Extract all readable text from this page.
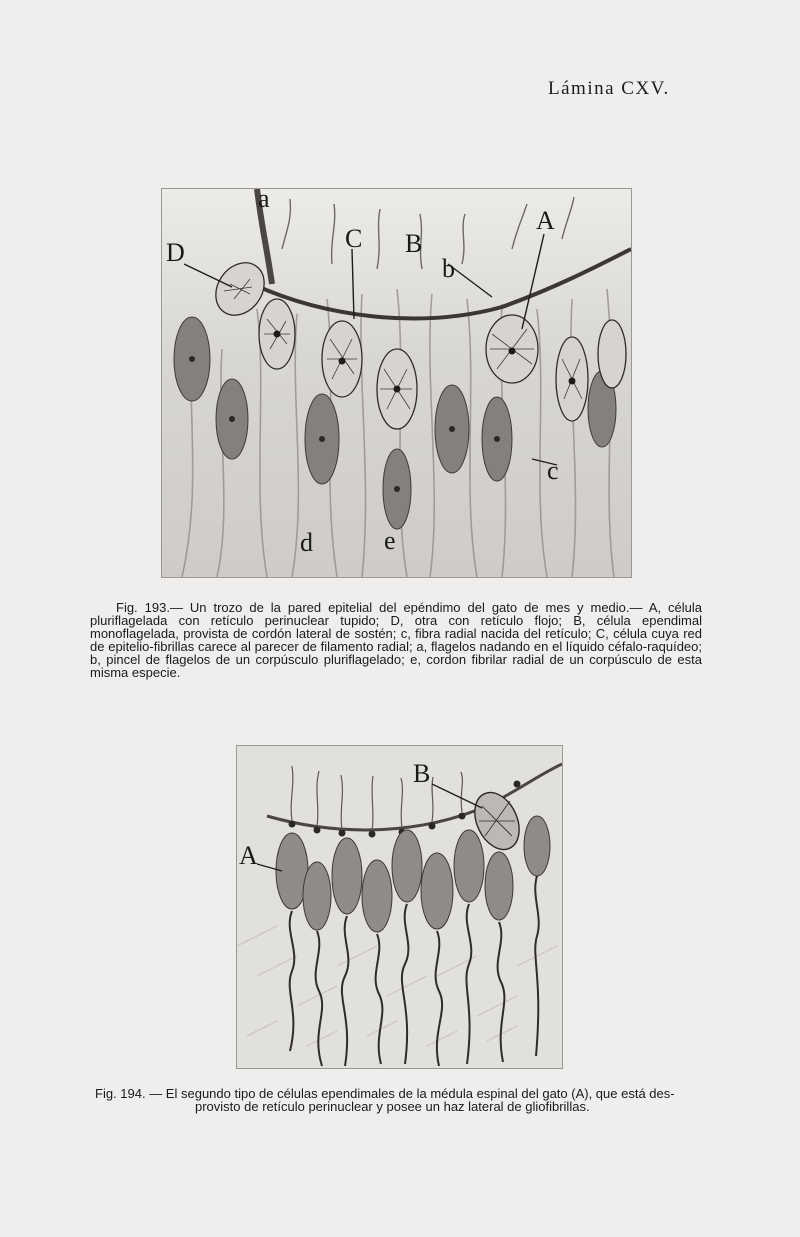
Lámina CXV.
a
D	C B
b
A
c
d	e
Fig. 193.— Un trozo de la pared epitelial del epéndimo del gato de mes y medio.— A, célula pluriflagelada con retículo perinuclear tupido; D, otra con retículo flojo; B, célula ependimal monoflagelada, provista de cordón lateral de sostén; c, fibra radial nacida del retículo; C, célula cuya red de epitelio-fibrillas carece al parecer de filamento radial; a, flagelos nadando en el líquido céfalo-raquídeo; b, pincel de flagelos de un corpúsculo pluriflagelado; e, cordon fibrilar radial de un corpúsculo de esta misma especie.
B
A
Fig. 194. — El segundo tipo de células ependimales de la médula espinal del gato (A), que está des-
provisto de retículo perinuclear y posee un haz lateral de gliofibrillas.
